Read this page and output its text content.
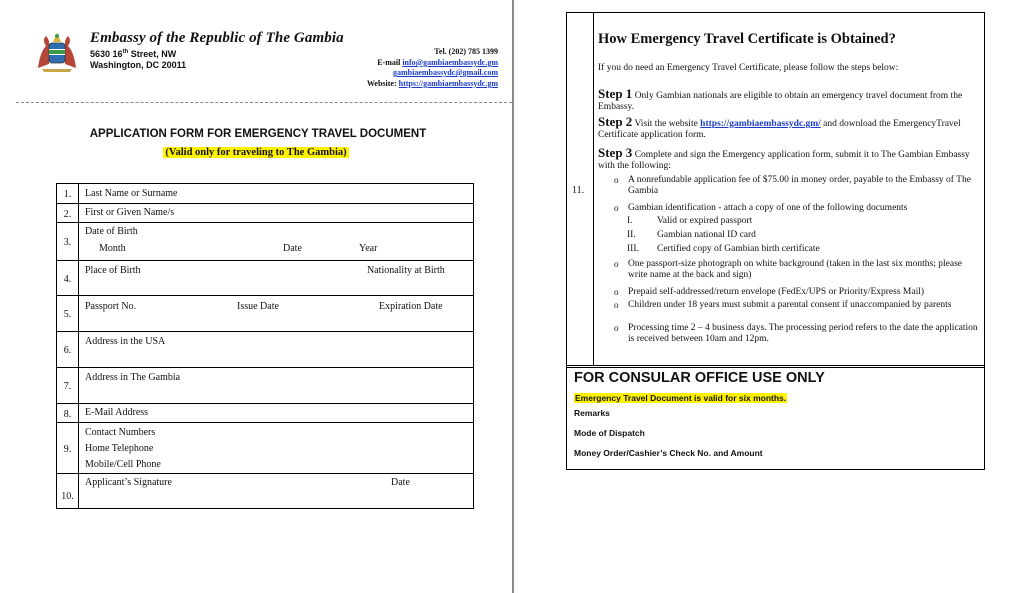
Embassy of the Republic of The Gambia
5630 16th Street, NW
Washington, DC 20011
Tel. (202) 785 1399
E-mail info@gambiaembassydc.gm
gambiaembassydc@gmail.com
Website: https://gambiaembassydc.gm
APPLICATION FORM FOR EMERGENCY TRAVEL DOCUMENT
(Valid only for traveling to The Gambia)
1.	Last Name or Surname

2.	First or Given Name/s

3.	Date of Birth
Month Date Year

4.	Place of Birth Nationality at Birth

5.	Passport No. Issue Date Expiration Date

6.	Address in the USA

7.	Address in The Gambia

8.	E-Mail Address

9.	Contact Numbers
Home Telephone
Mobile/Cell Phone

10.	Applicant’s Signature Date
11.
How Emergency Travel Certificate is Obtained?
If you do need an Emergency Travel Certificate, please follow the steps below:
Step 1 Only Gambian nationals are eligible to obtain an emergency travel document from the Embassy.
Step 2 Visit the website https://gambiaembassydc.gm/ and download the EmergencyTravel Certificate application form.
Step 3 Complete and sign the Emergency application form, submit it to The Gambian Embassy with the following:
o A nonrefundable application fee of $75.00 in money order, payable to the Embassy of The Gambia
o Gambian identification - attach a copy of one of the following documents
I.	Valid or expired passport
II. Gambian national ID card
III. Certified copy of Gambian birth certificate
o One passport-size photograph on white background (taken in the last six months; please write name at the back and sign)
o Prepaid self-addressed/return envelope (FedEx/UPS or Priority/Express Mail)
o Children under 18 years must submit a parental consent if unaccompanied by parents
o Processing time 2 – 4 business days. The processing period refers to the date the application is received between 10am and 12pm.
FOR CONSULAR OFFICE USE ONLY
Emergency Travel Document is valid for six months.
Remarks
Mode of Dispatch
Money Order/Cashier’s Check No. and Amount
